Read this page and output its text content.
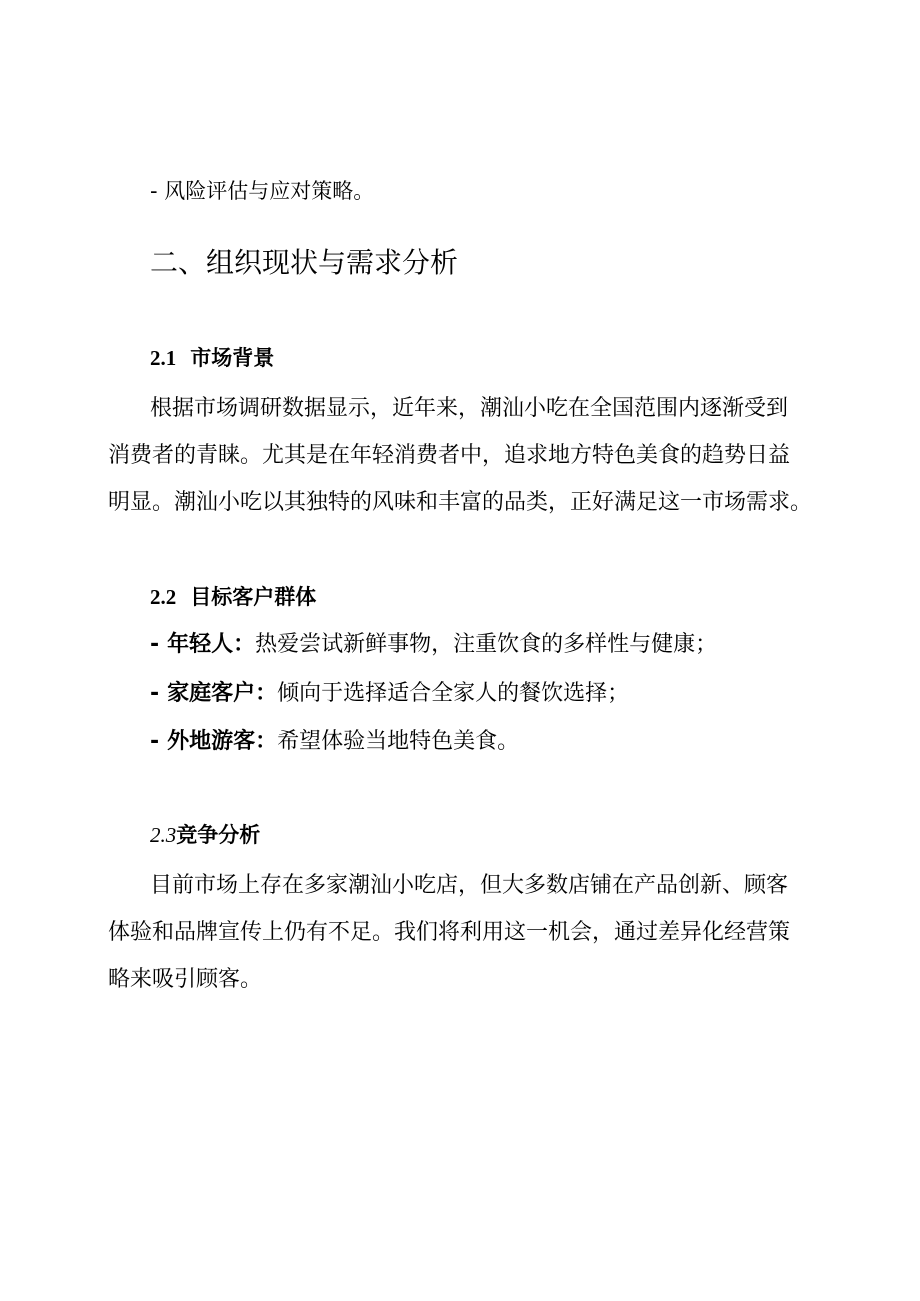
- 风险评估与应对策略。

二、组织现状与需求分析
2.1 市场背景

根据市场调研数据显示，近年来，潮汕小吃在全国范围内逐渐受到

消费者的青睐。尤其是在年轻消费者中，追求地方特色美食的趋势日益

明显。潮汕小吃以其独特的风味和丰富的品类，正好满足这一市场需求。

2.2 目标客户群体

- 年轻人：热爱尝试新鲜事物，注重饮食的多样性与健康；

- 家庭客户：倾向于选择适合全家人的餐饮选择；

- 外地游客：希望体验当地特色美食。

2.3竞争分析

目前市场上存在多家潮汕小吃店，但大多数店铺在产品创新、顾客

体验和品牌宣传上仍有不足。我们将利用这一机会，通过差异化经营策

略来吸引顾客。
